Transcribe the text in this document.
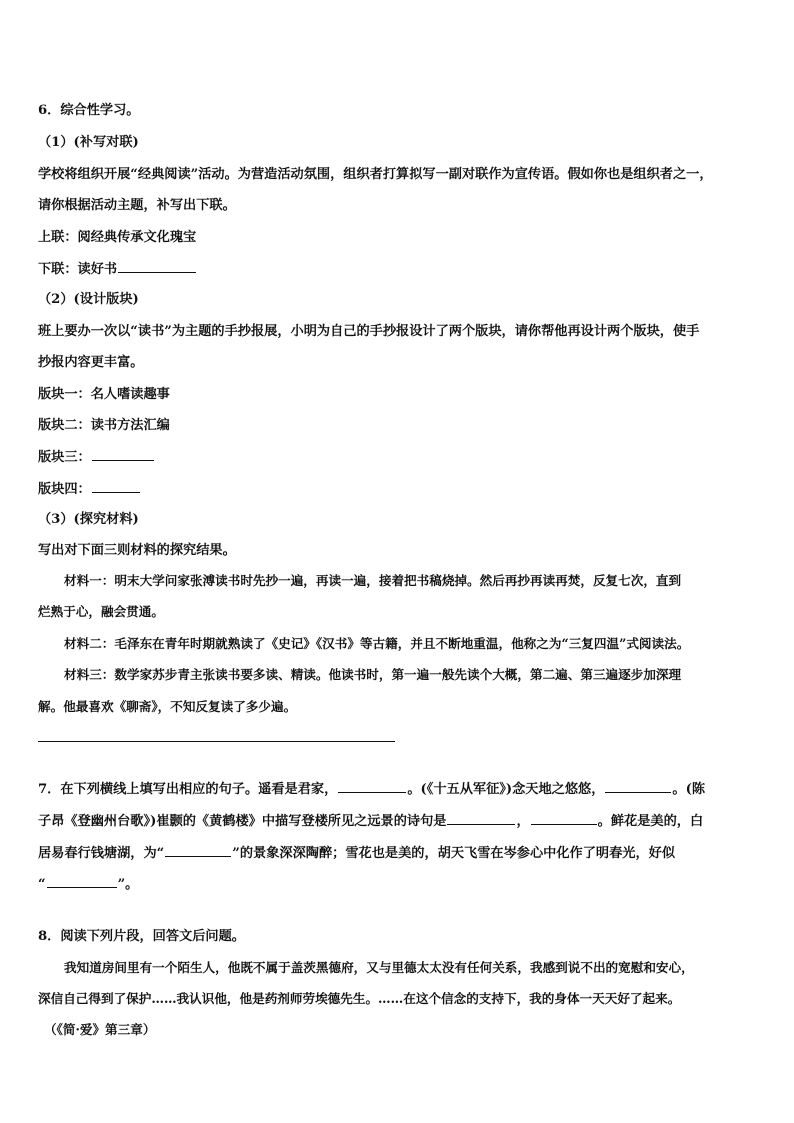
6．综合性学习。
（1）(补写对联)
学校将组织开展“经典阅读”活动。为营造活动氛围，组织者打算拟写一副对联作为宣传语。假如你也是组织者之一，
请你根据活动主题，补写出下联。
上联：阅经典传承文化瑰宝
下联：读好书
（2）(设计版块)
班上要办一次以“读书”为主题的手抄报展，小明为自己的手抄报设计了两个版块，请你帮他再设计两个版块，使手
抄报内容更丰富。
版块一：名人嗜读趣事
版块二：读书方法汇编
版块三：
版块四：
（3）(探究材料)
写出对下面三则材料的探究结果。
材料一：明末大学问家张溥读书时先抄一遍，再读一遍，接着把书稿烧掉。然后再抄再读再焚，反复七次，直到
烂熟于心，融会贯通。
材料二：毛泽东在青年时期就熟读了《史记》《汉书》等古籍，并且不断地重温，他称之为“三复四温”式阅读法。
材料三：数学家苏步青主张读书要多读、精读。他读书时，第一遍一般先读个大概，第二遍、第三遍逐步加深理
解。他最喜欢《聊斋》，不知反复读了多少遍。
7．在下列横线上填写出相应的句子。遥看是君家，	。(《十五从军征》)念天地之悠悠，	。(陈
子昂《登幽州台歌》)崔颢的《黄鹤楼》中描写登楼所见之远景的诗句是	，	。鲜花是美的，白
居易春行钱塘湖，为“	”的景象深深陶醉；雪花也是美的，胡天飞雪在岑参心中化作了明春光，好似
“	”。
8．阅读下列片段，回答文后问题。
我知道房间里有一个陌生人，他既不属于盖茨黑德府，又与里德太太没有任何关系，我感到说不出的宽慰和安心，
深信自己得到了保护……我认识他，他是药剂师劳埃德先生。……在这个信念的支持下，我的身体一天天好了起来。
（《简·爱》第三章）
